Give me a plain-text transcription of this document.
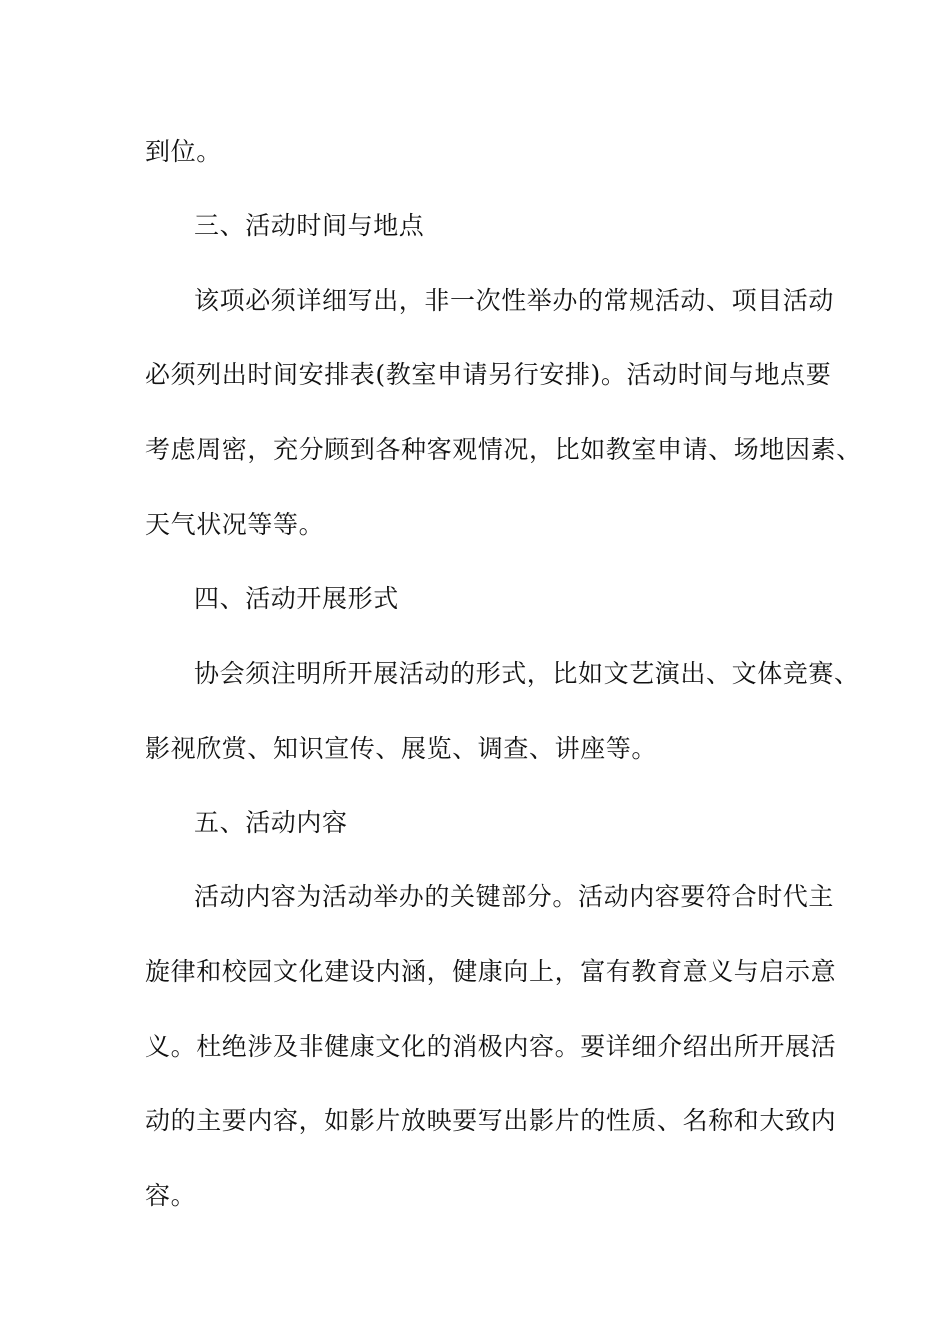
到位。
三、活动时间与地点
该项必须详细写出，非一次性举办的常规活动、项目活动
必须列出时间安排表(教室申请另行安排)。活动时间与地点要
考虑周密，充分顾到各种客观情况，比如教室申请、场地因素、
天气状况等等。
四、活动开展形式
协会须注明所开展活动的形式，比如文艺演出、文体竞赛、
影视欣赏、知识宣传、展览、调查、讲座等。
五、活动内容
活动内容为活动举办的关键部分。活动内容要符合时代主
旋律和校园文化建设内涵，健康向上，富有教育意义与启示意
义。杜绝涉及非健康文化的消极内容。要详细介绍出所开展活
动的主要内容，如影片放映要写出影片的性质、名称和大致内
容。
